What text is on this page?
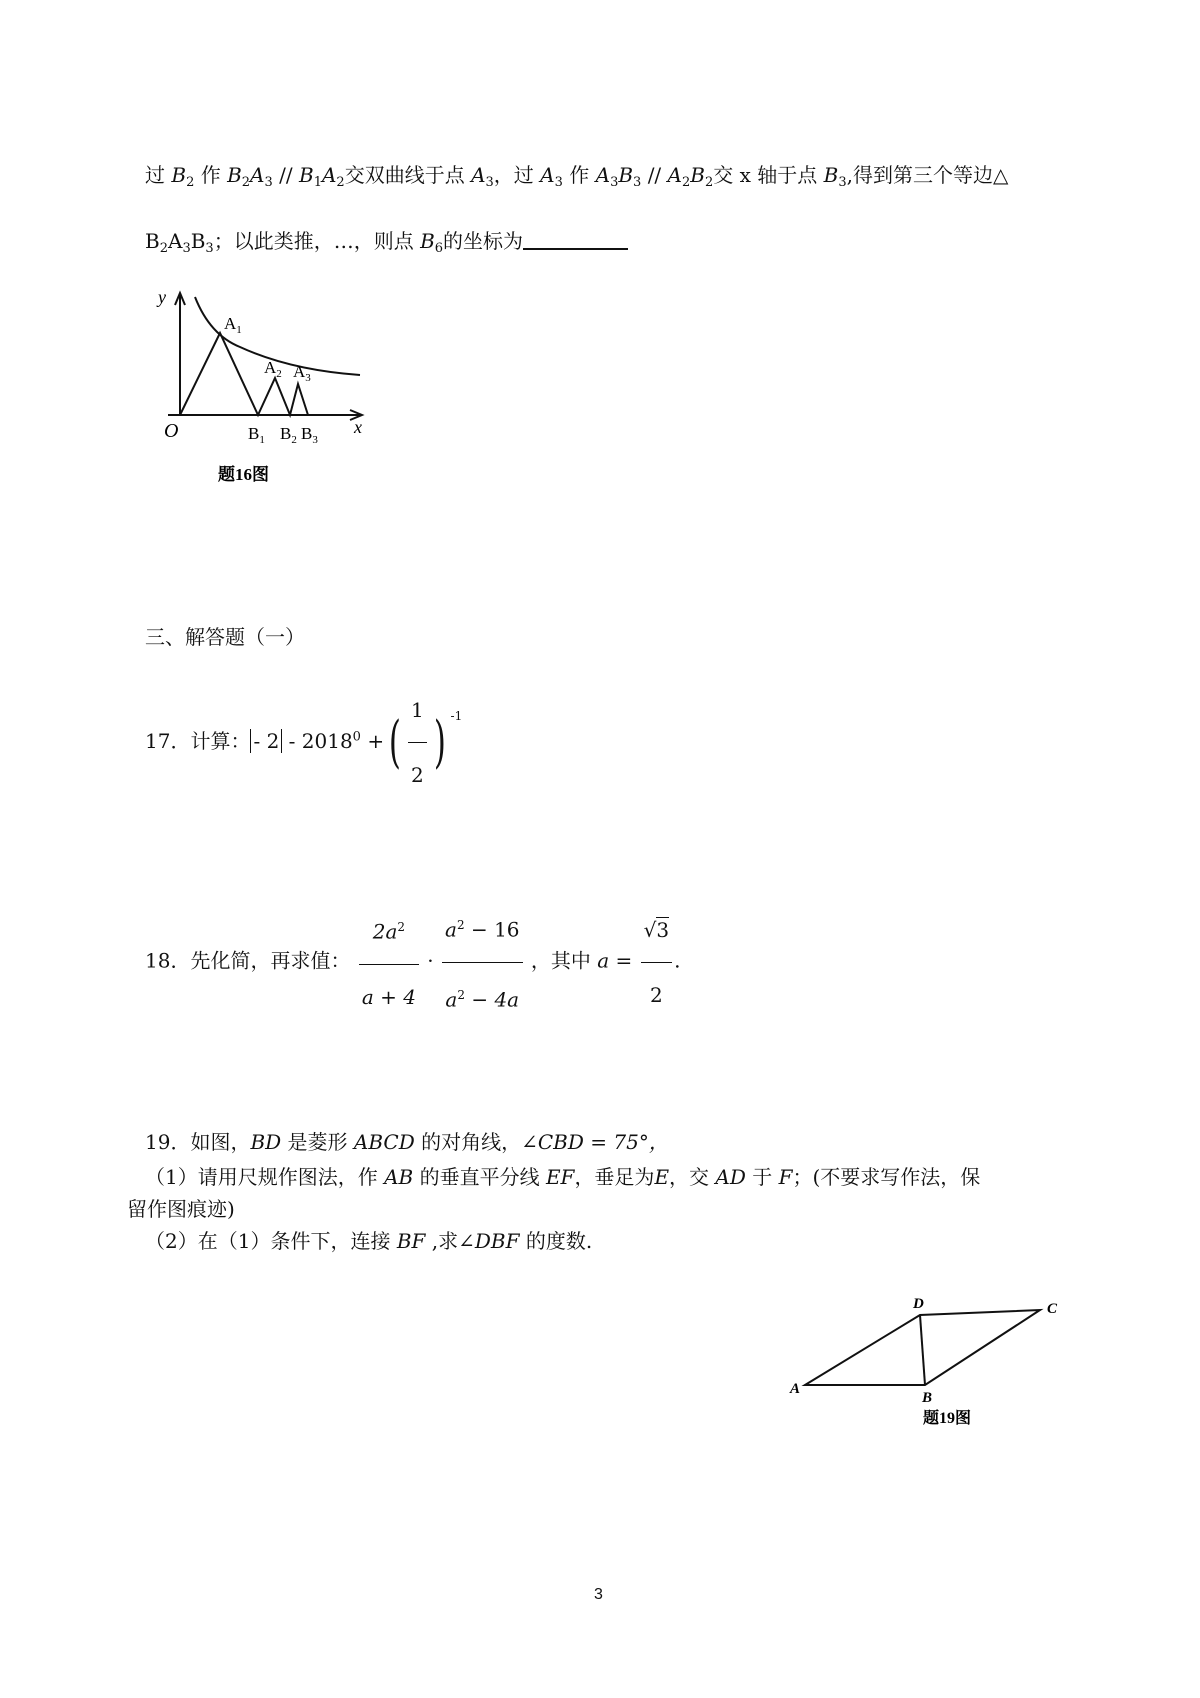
过 $B_2$ 作 $B_2A_3 // B_1A_2$交双曲线于点 $A_3$，过 $A_3$ 作 $A_3B_3 // A_2B_2$交 x 轴于点 $B_3$,得到第三个等边△
$B_2A_3B_3$；以此类推，…，则点 $B_6$的坐标为
y
x
O
$A_1$
$A_2$ $A_3$
$B_1$ $B_2$ $B_3$
题16图
三、解答题（一）
17．计算： - $2 - 2018^0$ +( $\frac{1}{2}$ ) $^{-1}$
18．先化简，再求值： $\frac{2a^2}{a + 4} \cdot \frac{a^2 - 16}{a^2 - 4a}$ ，其中 $a = \frac{√3}{2}$ .
19．如图，BD 是菱形 ABCD 的对角线，∠CBD = 75°，
（1）请用尺规作图法，作 AB 的垂直平分线 EF，垂足为E，交 AD 于 F；(不要求写作法，保
留作图痕迹)
（2）在（1）条件下，连接 BF ,求∠DBF 的度数.
A
B
C
D
题19图
3
